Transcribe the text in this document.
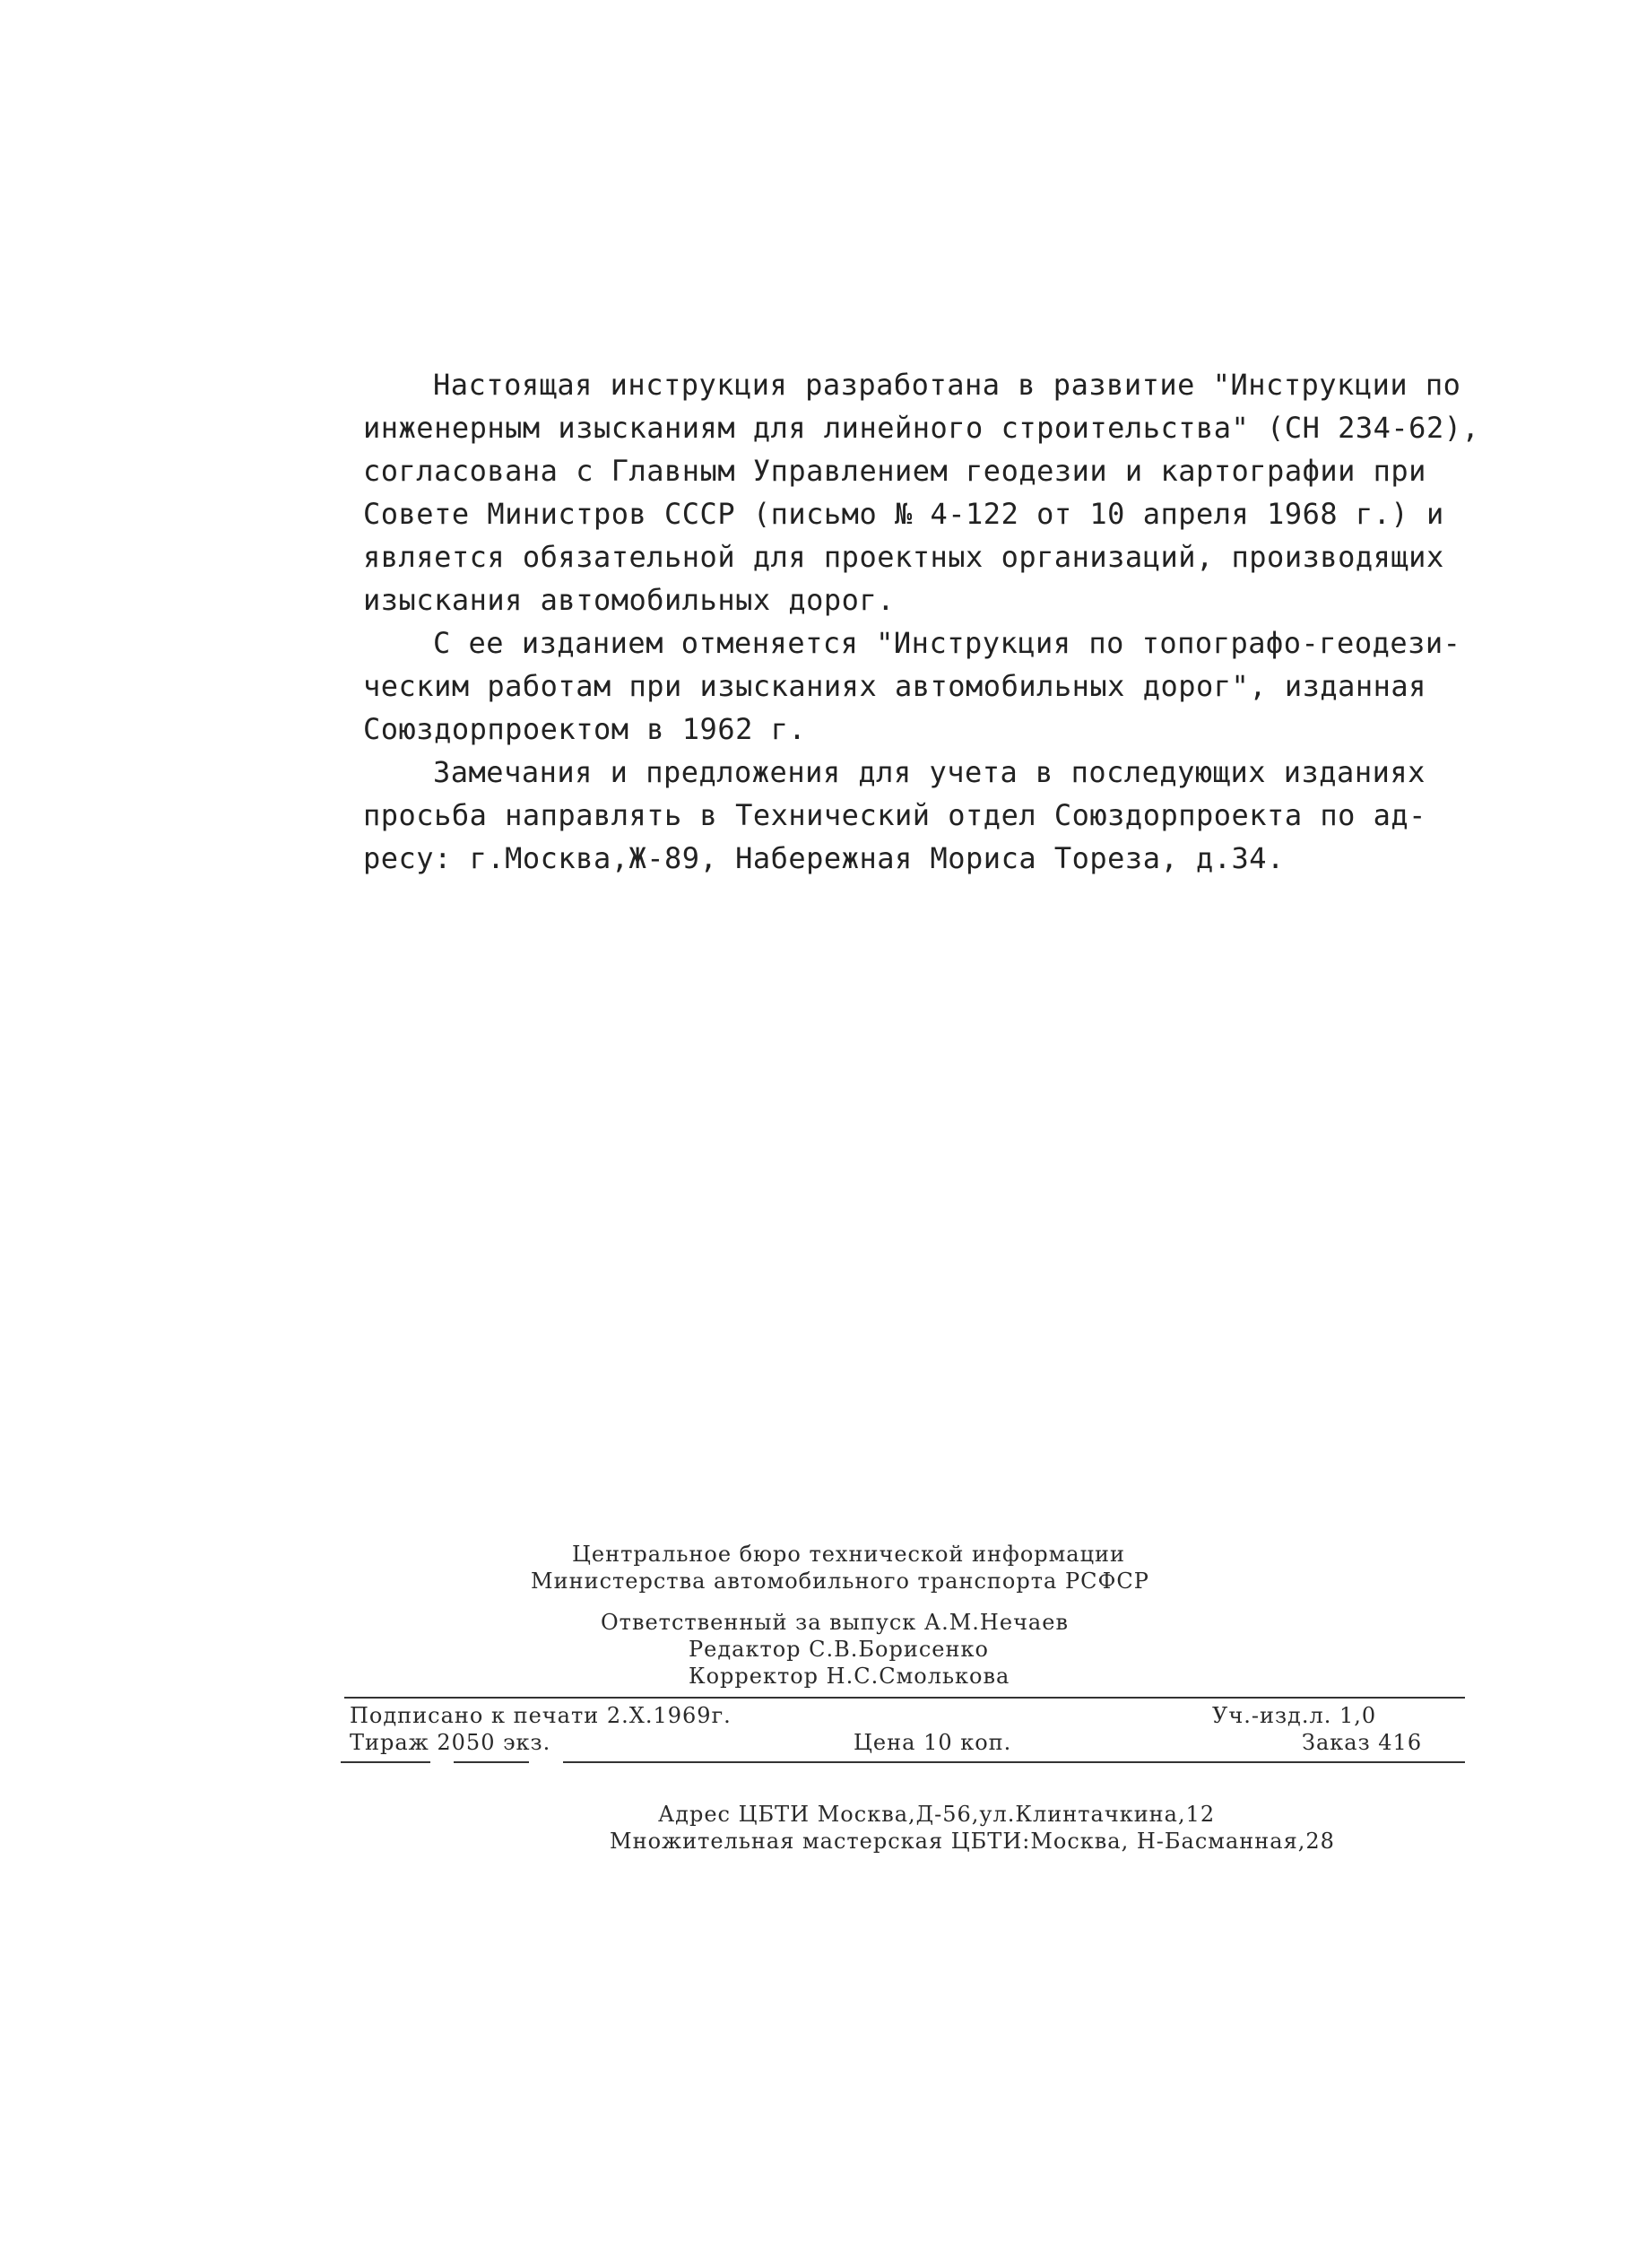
Настоящая инструкция разработана в развитие "Инструкции по
инженерным изысканиям для линейного строительства" (СН 234-62),
согласована с Главным Управлением геодезии и картографии при
Совете Министров СССР (письмо № 4-122 от 10 апреля 1968 г.) и
является обязательной для проектных организаций, производящих
изыскания автомобильных дорог.
С ее изданием отменяется "Инструкция по топографо-геодези-
ческим работам при изысканиях автомобильных дорог", изданная
Союздорпроектом в 1962 г.
Замечания и предложения для учета в последующих изданиях
просьба направлять в Технический отдел Союздорпроекта по ад-
ресу: г.Москва,Ж-89, Набережная Мориса Тореза, д.34.
Центральное бюро технической информации
Министерства автомобильного транспорта РСФСР
Ответственный за выпуск А.М.Нечаев
Редактор С.В.Борисенко
Корректор Н.С.Смолькова
Подписано к печати 2.X.1969г.	Уч.-изд.л. 1,0
Тираж 2050 экз.	Цена 10 коп.	Заказ 416
Адрес ЦБТИ Москва,Д-56,ул.Клинтачкина,12
Множительная мастерская ЦБТИ:Москва, Н-Басманная,28
